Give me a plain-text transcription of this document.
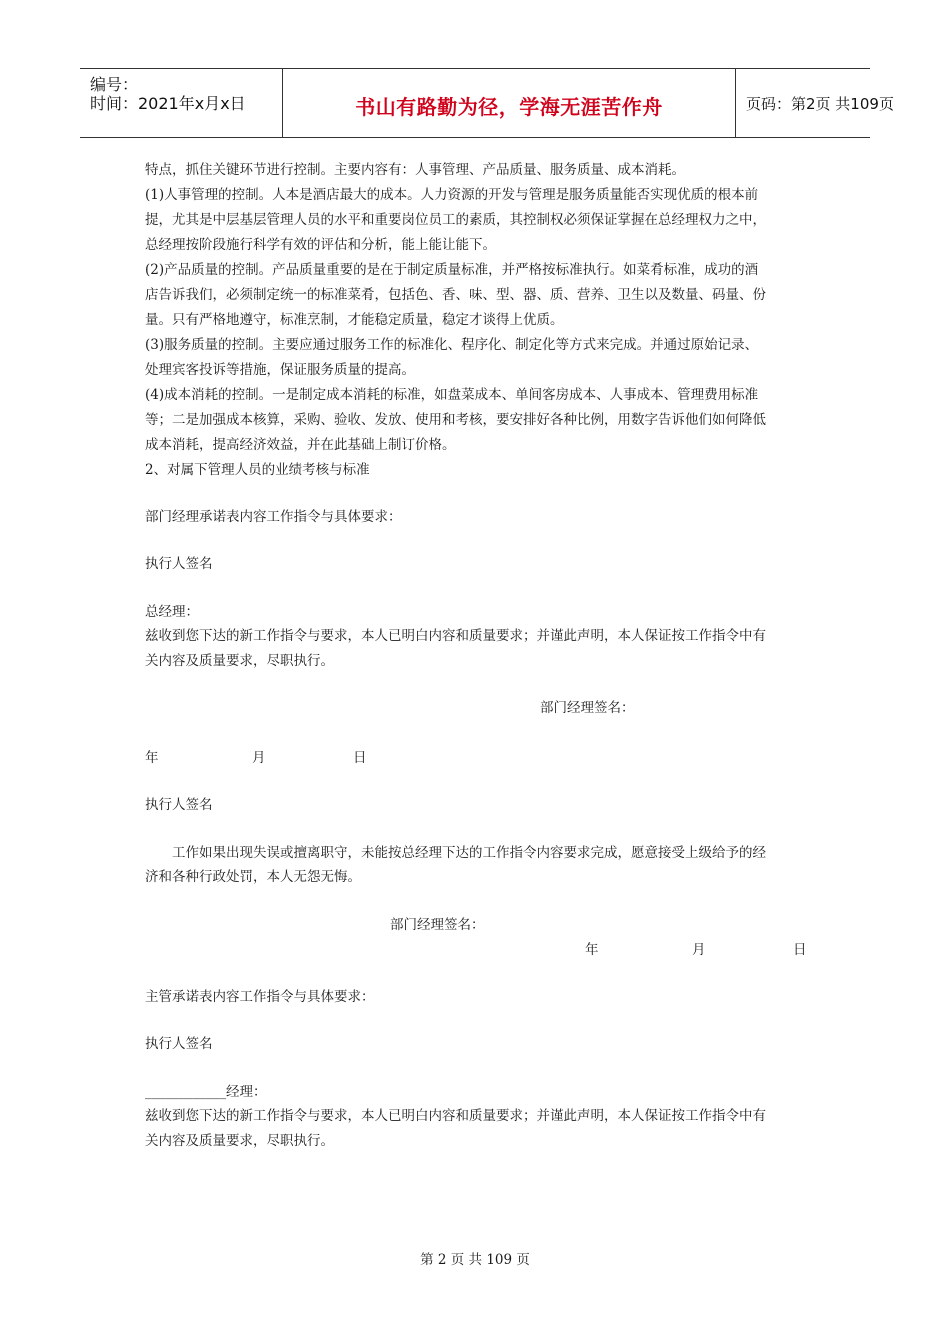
编号：
时间：2021年x月x日	书山有路勤为径，学海无涯苦作舟	页码：第2页 共109页
特点，抓住关键环节进行控制。主要内容有：人事管理、产品质量、服务质量、成本消耗。
(1)人事管理的控制。人本是酒店最大的成本。人力资源的开发与管理是服务质量能否实现优质的根本前
提，尤其是中层基层管理人员的水平和重要岗位员工的素质，其控制权必须保证掌握在总经理权力之中，
总经理按阶段施行科学有效的评估和分析，能上能让能下。
(2)产品质量的控制。产品质量重要的是在于制定质量标准，并严格按标准执行。如菜肴标准，成功的酒
店告诉我们，必须制定统一的标准菜肴，包括色、香、味、型、器、质、营养、卫生以及数量、码量、份
量。只有严格地遵守，标准烹制，才能稳定质量，稳定才谈得上优质。
(3)服务质量的控制。主要应通过服务工作的标准化、程序化、制定化等方式来完成。并通过原始记录、
处理宾客投诉等措施，保证服务质量的提高。
(4)成本消耗的控制。一是制定成本消耗的标准，如盘菜成本、单间客房成本、人事成本、管理费用标准
等；二是加强成本核算，采购、验收、发放、使用和考核，要安排好各种比例，用数字告诉他们如何降低
成本消耗，提高经济效益，并在此基础上制订价格。
2、对属下管理人员的业绩考核与标准
部门经理承诺表内容工作指令与具体要求：
执行人签名
总经理：
兹收到您下达的新工作指令与要求，本人已明白内容和质量要求；并谨此声明，本人保证按工作指令中有
关内容及质量要求，尽职执行。
部门经理签名：
年	月	日
执行人签名
工作如果出现失误或擅离职守，未能按总经理下达的工作指令内容要求完成，愿意接受上级给予的经
济和各种行政处罚，本人无怨无悔。
部门经理签名：
年	月	日
主管承诺表内容工作指令与具体要求：
执行人签名
____________经理：
兹收到您下达的新工作指令与要求，本人已明白内容和质量要求；并谨此声明，本人保证按工作指令中有
关内容及质量要求，尽职执行。
第 2 页 共 109 页
